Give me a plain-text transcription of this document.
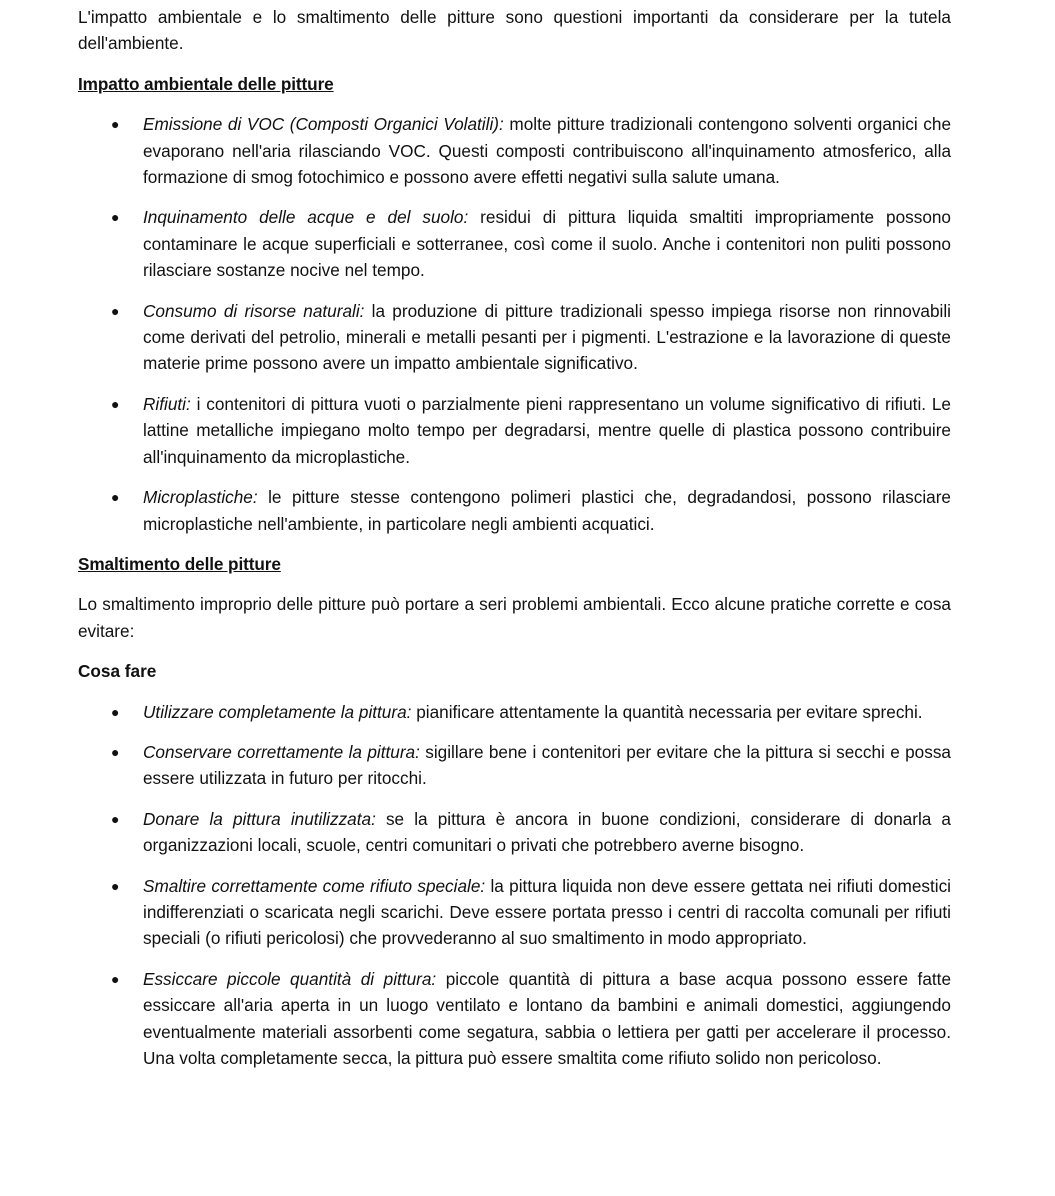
L'impatto ambientale e lo smaltimento delle pitture sono questioni importanti da considerare per la tutela dell'ambiente.

Impatto ambientale delle pitture

● Emissione di VOC (Composti Organici Volatili): molte pitture tradizionali contengono solventi organici che evaporano nell'aria rilasciando VOC. Questi composti contribuiscono all'inquinamento atmosferico, alla formazione di smog fotochimico e possono avere effetti negativi sulla salute umana.
● Inquinamento delle acque e del suolo: residui di pittura liquida smaltiti impropriamente possono contaminare le acque superficiali e sotterranee, così come il suolo. Anche i contenitori non puliti possono rilasciare sostanze nocive nel tempo.
● Consumo di risorse naturali: la produzione di pitture tradizionali spesso impiega risorse non rinnovabili come derivati del petrolio, minerali e metalli pesanti per i pigmenti. L'estrazione e la lavorazione di queste materie prime possono avere un impatto ambientale significativo.
● Rifiuti: i contenitori di pittura vuoti o parzialmente pieni rappresentano un volume significativo di rifiuti. Le lattine metalliche impiegano molto tempo per degradarsi, mentre quelle di plastica possono contribuire all'inquinamento da microplastiche.
● Microplastiche: le pitture stesse contengono polimeri plastici che, degradandosi, possono rilasciare microplastiche nell'ambiente, in particolare negli ambienti acquatici.

Smaltimento delle pitture

Lo smaltimento improprio delle pitture può portare a seri problemi ambientali. Ecco alcune pratiche corrette e cosa evitare:

Cosa fare

● Utilizzare completamente la pittura: pianificare attentamente la quantità necessaria per evitare sprechi.
● Conservare correttamente la pittura: sigillare bene i contenitori per evitare che la pittura si secchi e possa essere utilizzata in futuro per ritocchi.
● Donare la pittura inutilizzata: se la pittura è ancora in buone condizioni, considerare di donarla a organizzazioni locali, scuole, centri comunitari o privati che potrebbero averne bisogno.
● Smaltire correttamente come rifiuto speciale: la pittura liquida non deve essere gettata nei rifiuti domestici indifferenziati o scaricata negli scarichi. Deve essere portata presso i centri di raccolta comunali per rifiuti speciali (o rifiuti pericolosi) che provvederanno al suo smaltimento in modo appropriato.
● Essiccare piccole quantità di pittura: piccole quantità di pittura a base acqua possono essere fatte essiccare all'aria aperta in un luogo ventilato e lontano da bambini e animali domestici, aggiungendo eventualmente materiali assorbenti come segatura, sabbia o lettiera per gatti per accelerare il processo. Una volta completamente secca, la pittura può essere smaltita come rifiuto solido non pericoloso.
